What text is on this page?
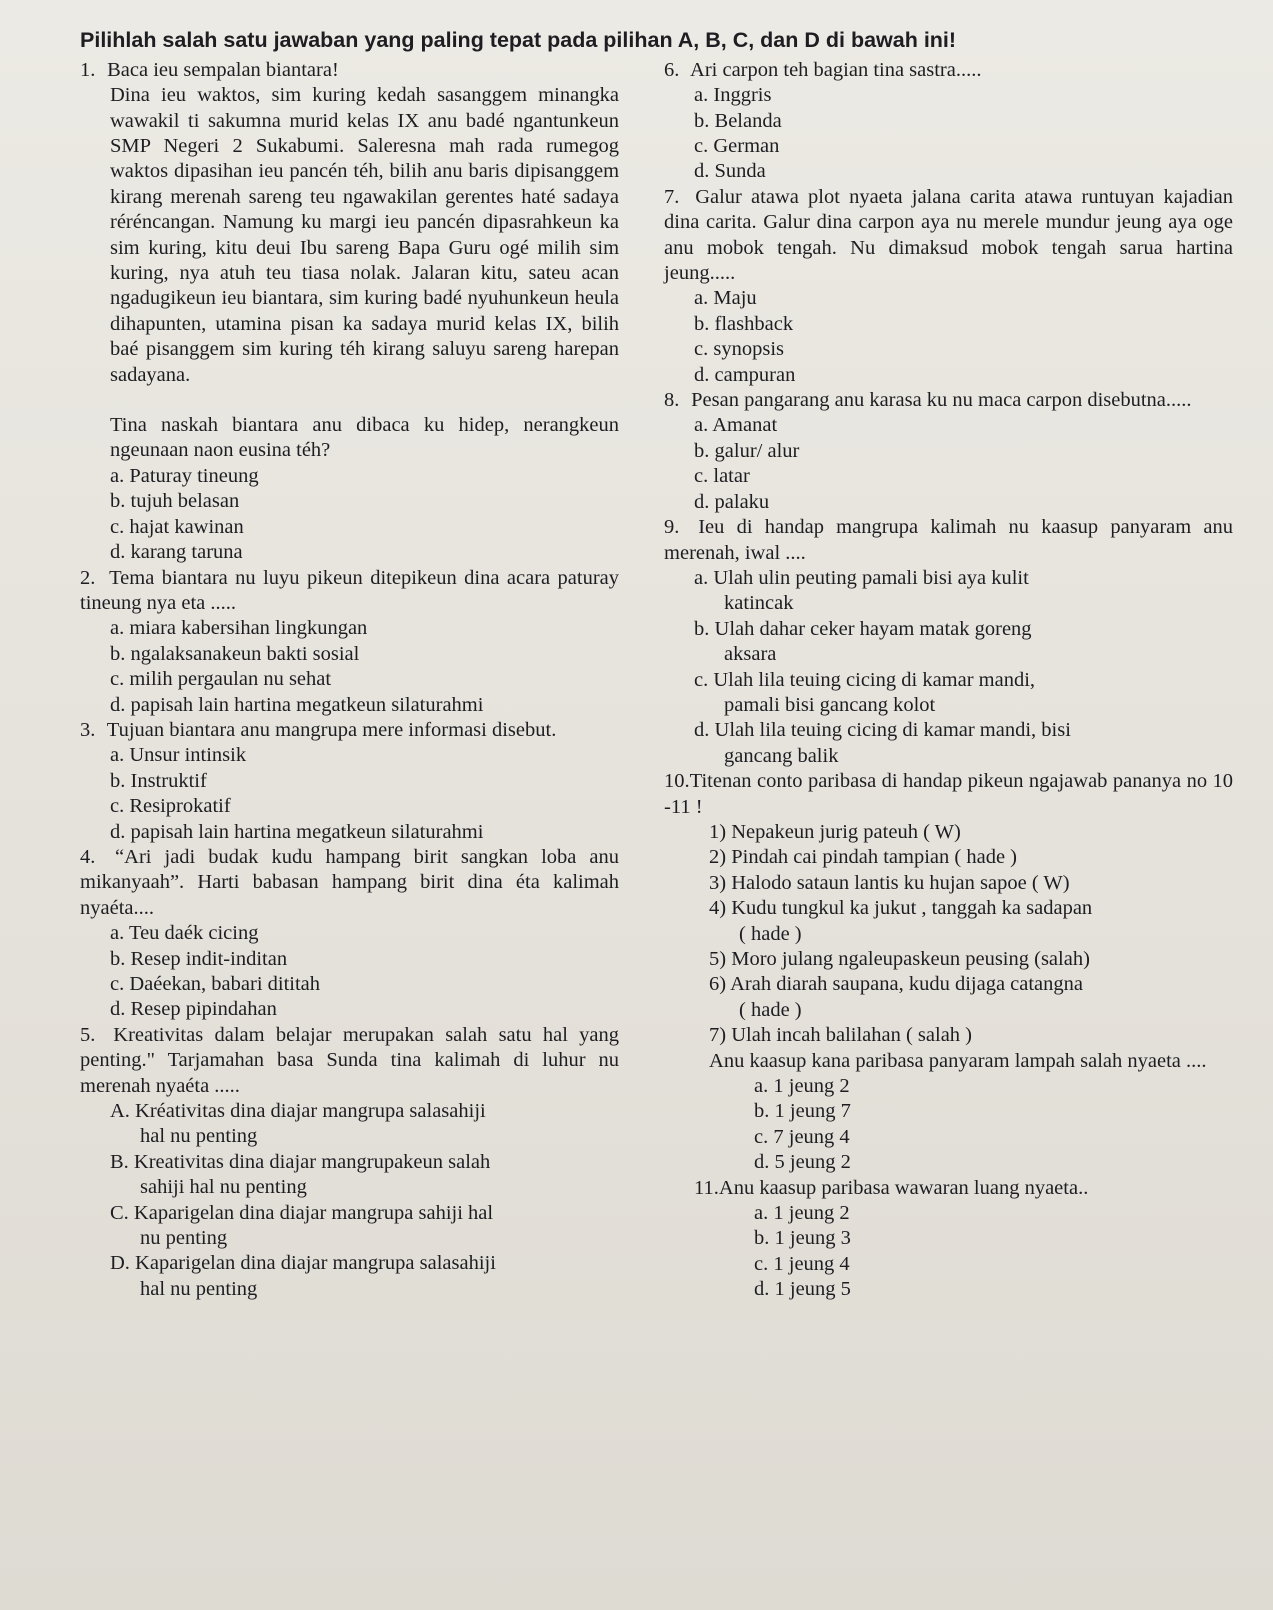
Pilihlah salah satu jawaban yang paling tepat pada pilihan A, B, C, dan D di bawah ini!
1. Baca ieu sempalan biantara!
Dina ieu waktos, sim kuring kedah sasanggem minangka wawakil ti sakumna murid kelas IX anu badé ngantunkeun SMP Negeri 2 Sukabumi. Saleresna mah rada rumegog waktos dipasihan ieu pancén téh, bilih anu baris dipisanggem kirang merenah sareng teu ngawakilan gerentes haté sadaya réréncangan. Namung ku margi ieu pancén dipasrahkeun ka sim kuring, kitu deui Ibu sareng Bapa Guru ogé milih sim kuring, nya atuh teu tiasa nolak. Jalaran kitu, sateu acan ngadugikeun ieu biantara, sim kuring badé nyuhunkeun heula dihapunten, utamina pisan ka sadaya murid kelas IX, bilih baé pisanggem sim kuring téh kirang saluyu sareng harepan sadayana.
Tina naskah biantara anu dibaca ku hidep, nerangkeun ngeunaan naon eusina téh?
a. Paturay tineung
b. tujuh belasan
c. hajat kawinan
d. karang taruna
2. Tema biantara nu luyu pikeun ditepikeun dina acara paturay tineung nya eta .....
a. miara kabersihan lingkungan
b. ngalaksanakeun bakti sosial
c. milih pergaulan nu sehat
d. papisah lain hartina megatkeun silaturahmi
3. Tujuan biantara anu mangrupa mere informasi disebut.
a. Unsur intinsik
b. Instruktif
c. Resiprokatif
d. papisah lain hartina megatkeun silaturahmi
4. “Ari jadi budak kudu hampang birit sangkan loba anu mikanyaah”. Harti babasan hampang birit dina éta kalimah nyaéta....
a. Teu daék cicing
b. Resep indit-inditan
c. Daéekan, babari dititah
d. Resep pipindahan
5. Kreativitas dalam belajar merupakan salah satu hal yang penting." Tarjamahan basa Sunda tina kalimah di luhur nu merenah nyaéta .....
A. Kréativitas dina diajar mangrupa salasahiji
hal nu penting
B. Kreativitas dina diajar mangrupakeun salah
sahiji hal nu penting
C. Kaparigelan dina diajar mangrupa sahiji hal
nu penting
D. Kaparigelan dina diajar mangrupa salasahiji
hal nu penting
6. Ari carpon teh bagian tina sastra.....
a. Inggris
b. Belanda
c. German
d. Sunda
7. Galur atawa plot nyaeta jalana carita atawa runtuyan kajadian dina carita. Galur dina carpon aya nu merele mundur jeung aya oge anu mobok tengah. Nu dimaksud mobok tengah sarua hartina jeung.....
a. Maju
b. flashback
c. synopsis
d. campuran
8. Pesan pangarang anu karasa ku nu maca carpon disebutna.....
a. Amanat
b. galur/ alur
c. latar
d. palaku
9. Ieu di handap mangrupa kalimah nu kaasup panyaram anu merenah, iwal ....
a. Ulah ulin peuting pamali bisi aya kulit
katincak
b. Ulah dahar ceker hayam matak goreng
aksara
c. Ulah lila teuing cicing di kamar mandi,
pamali bisi gancang kolot
d. Ulah lila teuing cicing di kamar mandi, bisi
gancang balik
10.Titenan conto paribasa di handap pikeun ngajawab pananya no 10 -11 !
1) Nepakeun jurig pateuh ( W)
2) Pindah cai pindah tampian ( hade )
3) Halodo sataun lantis ku hujan sapoe ( W)
4) Kudu tungkul ka jukut , tanggah ka sadapan
( hade )
5) Moro julang ngaleupaskeun peusing (salah)
6) Arah diarah saupana, kudu dijaga catangna
( hade )
7) Ulah incah balilahan ( salah )
Anu kaasup kana paribasa panyaram lampah salah nyaeta ....
a. 1 jeung 2
b. 1 jeung 7
c. 7 jeung 4
d. 5 jeung 2
11.Anu kaasup paribasa wawaran luang nyaeta..
a. 1 jeung 2
b. 1 jeung 3
c. 1 jeung 4
d. 1 jeung 5
